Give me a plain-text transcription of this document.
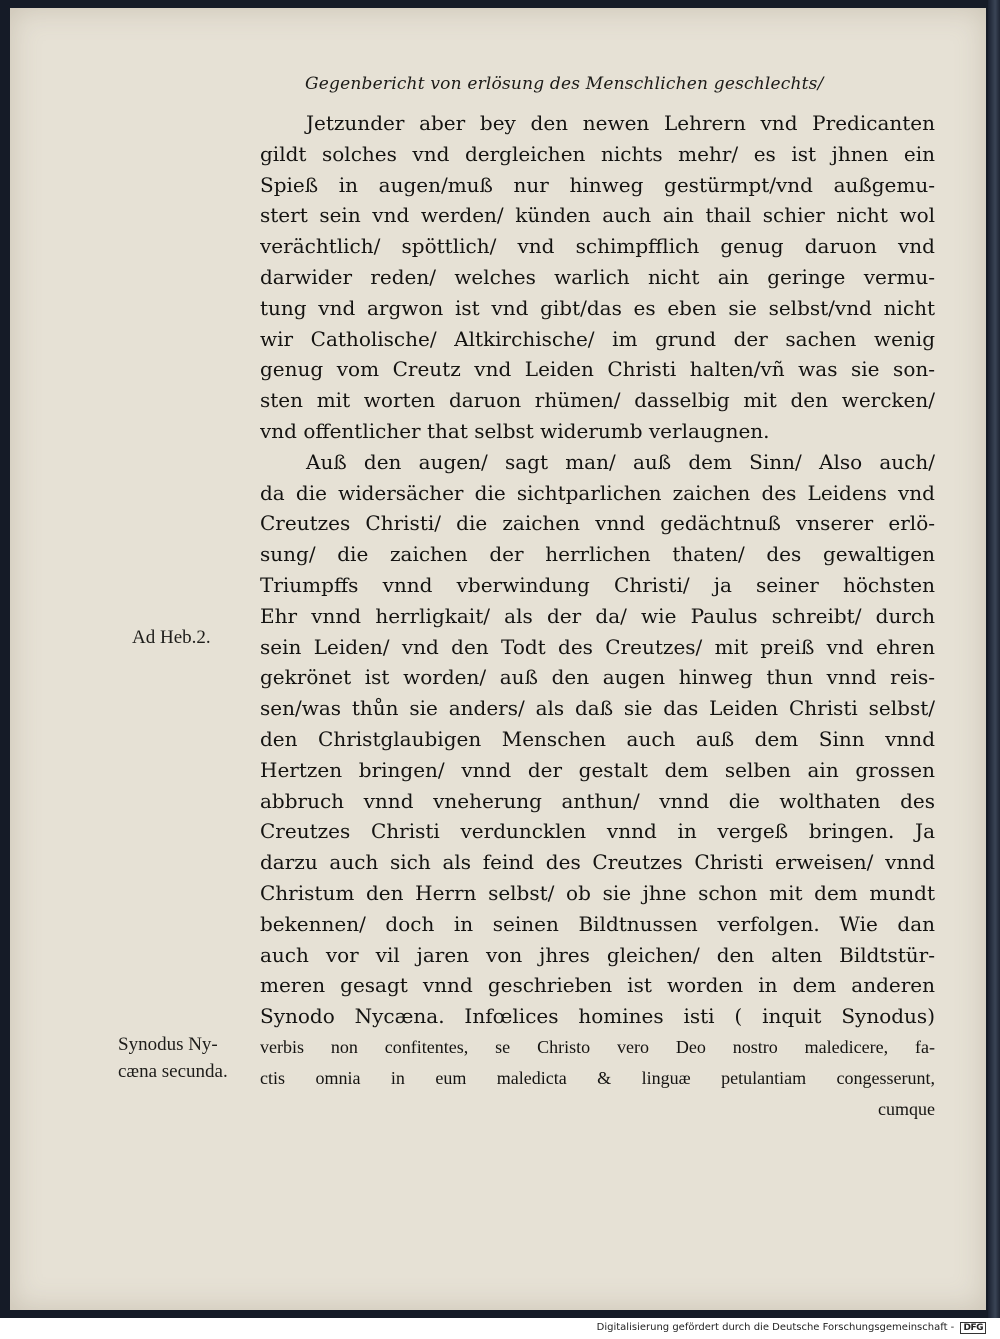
Gegenbericht von erlösung des Menschlichen geschlechts/
Jetzunder aber bey den newen Lehrern vnd Predicanten
gildt solches vnd dergleichen nichts mehr/ es ist jhnen ein
Spieß in augen/muß nur hinweg gestürmpt/vnd außgemu-
stert sein vnd werden/ künden auch ain thail schier nicht wol
verächtlich/ spöttlich/ vnd schimpfflich genug daruon vnd
darwider reden/ welches warlich nicht ain geringe vermu-
tung vnd argwon ist vnd gibt/das es eben sie selbst/vnd nicht
wir Catholische/ Altkirchische/ im grund der sachen wenig
genug vom Creutz vnd Leiden Christi halten/vñ was sie son-
sten mit worten daruon rhümen/ dasselbig mit den wercken/
vnd offentlicher that selbst widerumb verlaugnen.
Auß den augen/ sagt man/ auß dem Sinn/ Also auch/
da die widersächer die sichtparlichen zaichen des Leidens vnd
Creutzes Christi/ die zaichen vnnd gedächtnuß vnserer erlö-
sung/ die zaichen der herrlichen thaten/ des gewaltigen
Triumpffs vnnd vberwindung Christi/ ja seiner höchsten
Ehr vnnd herrligkait/ als der da/ wie Paulus schreibt/ durch
sein Leiden/ vnd den Todt des Creutzes/ mit preiß vnd ehren
gekrönet ist worden/ auß den augen hinweg thun vnnd reis-
sen/was thůn sie anders/ als daß sie das Leiden Christi selbst/
den Christglaubigen Menschen auch auß dem Sinn vnnd
Hertzen bringen/ vnnd der gestalt dem selben ain grossen
abbruch vnnd vneherung anthun/ vnnd die wolthaten des
Creutzes Christi verduncklen vnnd in vergeß bringen. Ja
darzu auch sich als feind des Creutzes Christi erweisen/ vnnd
Christum den Herrn selbst/ ob sie jhne schon mit dem mundt
bekennen/ doch in seinen Bildtnussen verfolgen. Wie dan
auch vor vil jaren von jhres gleichen/ den alten Bildtstür-
meren gesagt vnnd geschrieben ist worden in dem anderen
Synodo Nycæna. Infœlices homines isti ( inquit Synodus)
verbis non confitentes, se Christo vero Deo nostro maledicere, fa-
ctis omnia in eum maledicta & linguæ petulantiam congesserunt,
cumque
Ad Heb.2.
Synodus Ny-
cæna secunda.
Digitalisierung gefördert durch die Deutsche Forschungsgemeinschaft - DFG
